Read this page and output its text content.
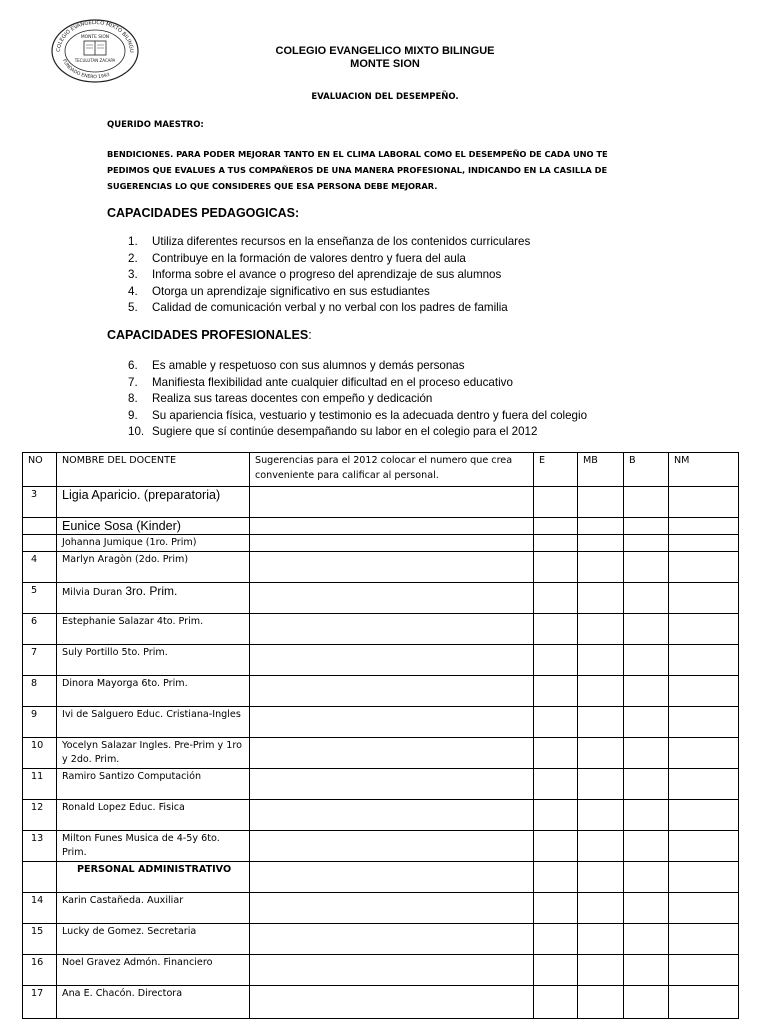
COLEGIO EVANGELICO MIXTO BILINGU
FUNDADO ENERO 1993
MONTE SION
TECULUTAN ZACAPA
COLEGIO EVANGELICO MIXTO BILINGUE
MONTE SION
EVALUACION DEL DESEMPEÑO.
QUERIDO MAESTRO:
BENDICIONES. PARA PODER MEJORAR TANTO EN EL CLIMA LABORAL COMO EL DESEMPEÑO DE CADA UNO TE
PEDIMOS QUE EVALUES A TUS COMPAÑEROS DE UNA MANERA PROFESIONAL, INDICANDO EN LA CASILLA DE
SUGERENCIAS LO QUE CONSIDERES QUE ESA PERSONA DEBE MEJORAR.
CAPACIDADES PEDAGOGICAS:
1. Utiliza diferentes recursos en la enseñanza de los contenidos curriculares
2. Contribuye en la formación de valores dentro y fuera del aula
3. Informa sobre el avance o progreso del aprendizaje de sus alumnos
4. Otorga un aprendizaje significativo en sus estudiantes
5. Calidad de comunicación verbal y no verbal con los padres de familia
CAPACIDADES PROFESIONALES:
6. Es amable y respetuoso con sus alumnos y demás personas
7. Manifiesta flexibilidad ante cualquier dificultad en el proceso educativo
8. Realiza sus tareas docentes con empeño y dedicación
9. Su apariencia física, vestuario y testimonio es la adecuada dentro y fuera del colegio
10. Sugiere que sí continúe desempañando su labor en el colegio para el 2012
NO	NOMBRE DEL DOCENTE	Sugerencias para el 2012 colocar el numero que crea conveniente para calificar al personal.	E	MB	B	NM
3	Ligia Aparicio. (preparatoria)					
	Eunice Sosa (Kinder)					
	Johanna Jumique (1ro. Prim)					
4	Marlyn Aragòn (2do. Prim)					
5	Milvia Duran 3ro. Prim.					
6	Estephanie Salazar 4to. Prim.					
7	Suly Portillo 5to. Prim.					
8	Dinora Mayorga 6to. Prim.					
9	Ivi de Salguero Educ. Cristiana-Ingles					
10	Yocelyn Salazar Ingles. Pre-Prim y 1ro y 2do. Prim.					
11	Ramiro Santizo Computación					
12	Ronald Lopez Educ. Fisica					
13	Milton Funes Musica de 4-5y 6to. Prim.					
	PERSONAL ADMINISTRATIVO					
14	Karin Castañeda. Auxiliar					
15	Lucky de Gomez. Secretaria					
16	Noel Gravez Admón. Financiero					
17	Ana E. Chacón. Directora					
